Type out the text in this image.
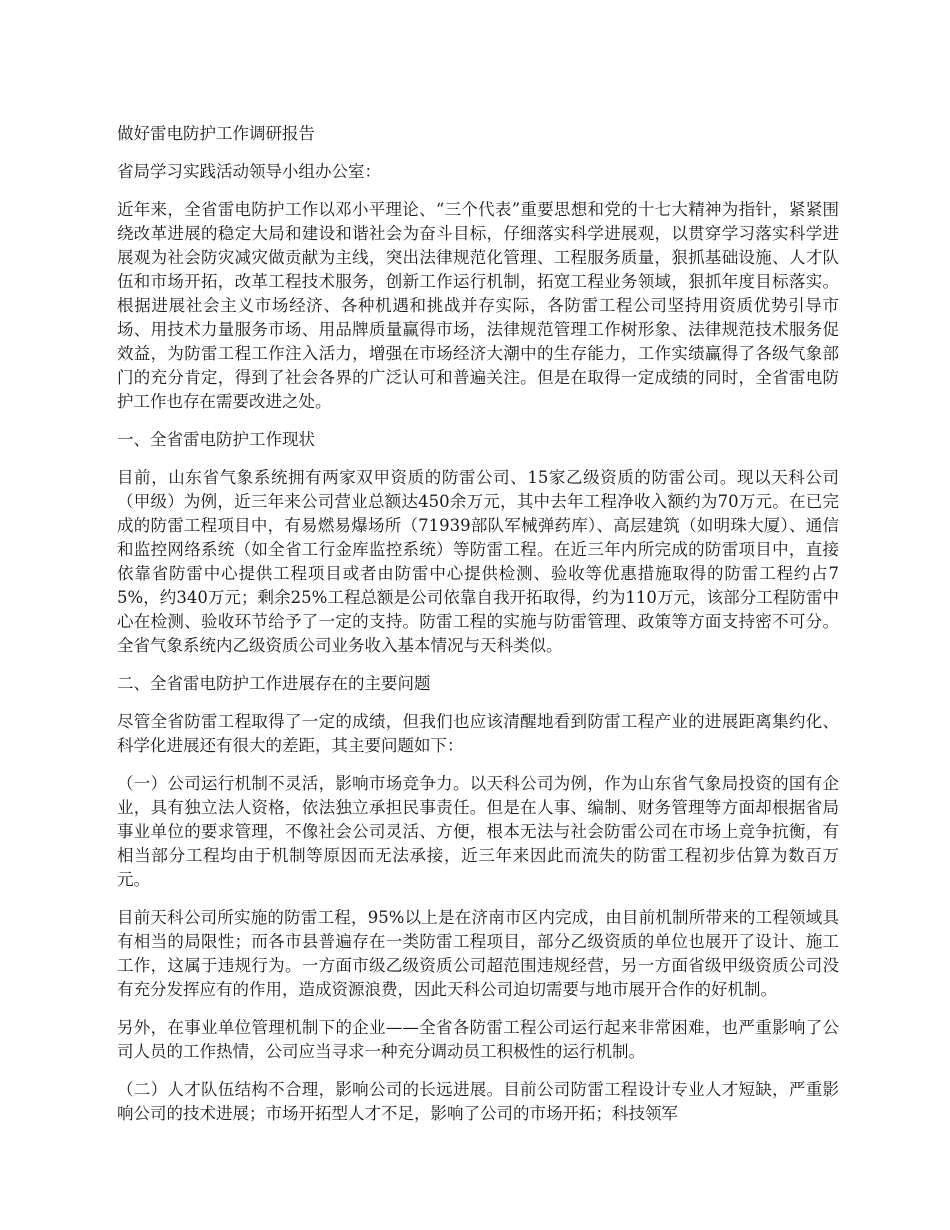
做好雷电防护工作调研报告

省局学习实践活动领导小组办公室：

近年来，全省雷电防护工作以邓小平理论、“三个代表”重要思想和党的十七大精神为指针，紧紧围绕改革进展的稳定大局和建设和谐社会为奋斗目标，仔细落实科学进展观，以贯穿学习落实科学进展观为社会防灾减灾做贡献为主线，突出法律规范化管理、工程服务质量，狠抓基础设施、人才队伍和市场开拓，改革工程技术服务，创新工作运行机制，拓宽工程业务领域，狠抓年度目标落实。根据进展社会主义市场经济、各种机遇和挑战并存实际，各防雷工程公司坚持用资质优势引导市场、用技术力量服务市场、用品牌质量赢得市场，法律规范管理工作树形象、法律规范技术服务促效益，为防雷工程工作注入活力，增强在市场经济大潮中的生存能力，工作实绩赢得了各级气象部门的充分肯定，得到了社会各界的广泛认可和普遍关注。但是在取得一定成绩的同时，全省雷电防护工作也存在需要改进之处。

一、全省雷电防护工作现状

目前，山东省气象系统拥有两家双甲资质的防雷公司、15家乙级资质的防雷公司。现以天科公司（甲级）为例，近三年来公司营业总额达450余万元，其中去年工程净收入额约为70万元。在已完成的防雷工程项目中，有易燃易爆场所（71939部队军械弹药库）、高层建筑（如明珠大厦）、通信和监控网络系统（如全省工行金库监控系统）等防雷工程。在近三年内所完成的防雷项目中，直接依靠省防雷中心提供工程项目或者由防雷中心提供检测、验收等优惠措施取得的防雷工程约占75%，约340万元；剩余25%工程总额是公司依靠自我开拓取得，约为110万元，该部分工程防雷中心在检测、验收环节给予了一定的支持。防雷工程的实施与防雷管理、政策等方面支持密不可分。全省气象系统内乙级资质公司业务收入基本情况与天科类似。

二、全省雷电防护工作进展存在的主要问题

尽管全省防雷工程取得了一定的成绩，但我们也应该清醒地看到防雷工程产业的进展距离集约化、科学化进展还有很大的差距，其主要问题如下：

（一）公司运行机制不灵活，影响市场竞争力。以天科公司为例，作为山东省气象局投资的国有企业，具有独立法人资格，依法独立承担民事责任。但是在人事、编制、财务管理等方面却根据省局事业单位的要求管理，不像社会公司灵活、方便，根本无法与社会防雷公司在市场上竞争抗衡，有相当部分工程均由于机制等原因而无法承接，近三年来因此而流失的防雷工程初步估算为数百万元。

目前天科公司所实施的防雷工程，95%以上是在济南市区内完成，由目前机制所带来的工程领域具有相当的局限性；而各市县普遍存在一类防雷工程项目，部分乙级资质的单位也展开了设计、施工工作，这属于违规行为。一方面市级乙级资质公司超范围违规经营，另一方面省级甲级资质公司没有充分发挥应有的作用，造成资源浪费，因此天科公司迫切需要与地市展开合作的好机制。

另外，在事业单位管理机制下的企业——全省各防雷工程公司运行起来非常困难，也严重影响了公司人员的工作热情，公司应当寻求一种充分调动员工积极性的运行机制。

（二）人才队伍结构不合理，影响公司的长远进展。目前公司防雷工程设计专业人才短缺，严重影响公司的技术进展；市场开拓型人才不足，影响了公司的市场开拓；科技领军
